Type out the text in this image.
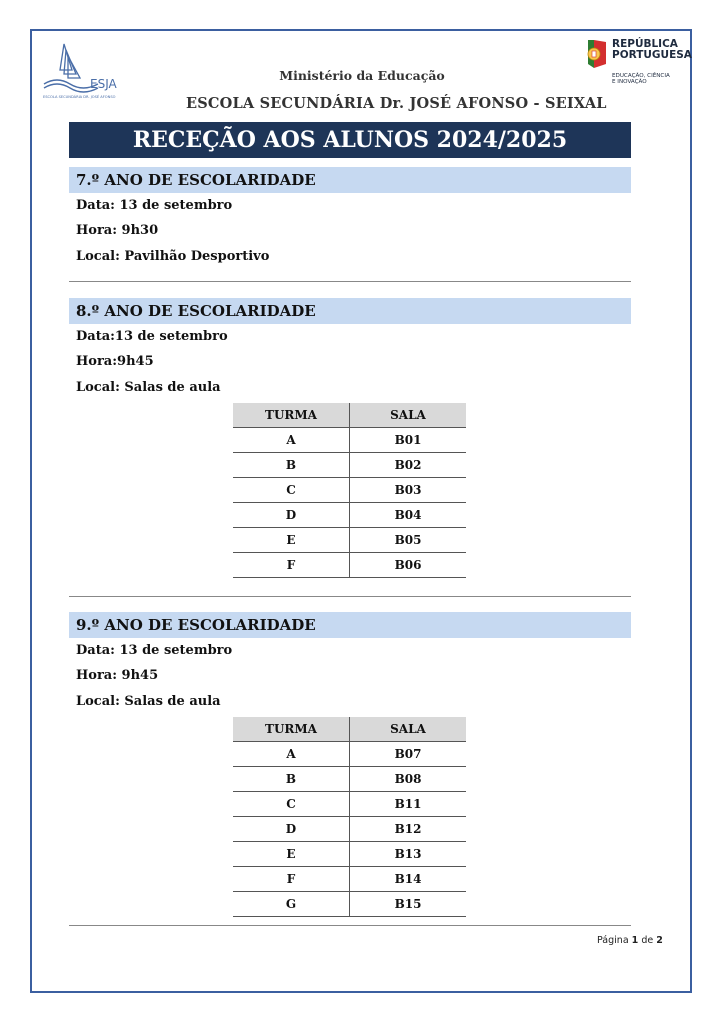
ESJA
ESCOLA SECUNDÁRIA DR. JOSÉ AFONSO
REPÚBLICA
PORTUGUESA
EDUCAÇÃO, CIÊNCIA
E INOVAÇÃO
Ministério da Educação
ESCOLA SECUNDÁRIA Dr. JOSÉ AFONSO - SEIXAL
RECEÇÃO AOS ALUNOS 2024/2025
7.º ANO DE ESCOLARIDADE
Data: 13 de setembro
Hora: 9h30
Local: Pavilhão Desportivo
8.º ANO DE ESCOLARIDADE
Data:13 de setembro
Hora:9h45
Local: Salas de aula
TURMA	SALA
A	B01
B	B02
C	B03
D	B04
E	B05
F	B06
9.º ANO DE ESCOLARIDADE
Data: 13 de setembro
Hora: 9h45
Local: Salas de aula
TURMA	SALA
A	B07
B	B08
C	B11
D	B12
E	B13
F	B14
G	B15
Página 1 de 2
